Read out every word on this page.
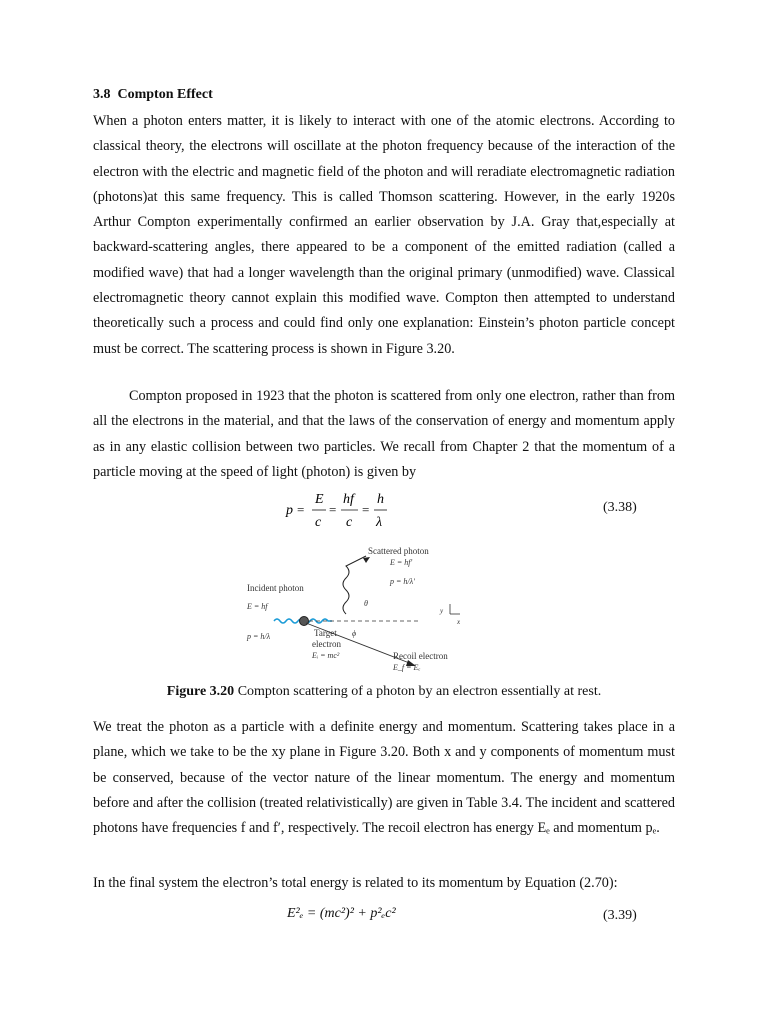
3.8 Compton Effect

When a photon enters matter, it is likely to interact with one of the atomic electrons. According to classical theory, the electrons will oscillate at the photon frequency because of the interaction of the electron with the electric and magnetic field of the photon and will reradiate electromagnetic radiation (photons)at this same frequency. This is called Thomson scattering. However, in the early 1920s Arthur Compton experimentally confirmed an earlier observation by J.A. Gray that,especially at backward-scattering angles, there appeared to be a component of the emitted radiation (called a modified wave) that had a longer wavelength than the original primary (unmodified) wave. Classical electromagnetic theory cannot explain this modified wave. Compton then attempted to understand theoretically such a process and could find only one explanation: Einstein’s photon particle concept must be correct. The scattering process is shown in Figure 3.20.

Compton proposed in 1923 that the photon is scattered from only one electron, rather than from all the electrons in the material, and that the laws of the conservation of energy and momentum apply as in any elastic collision between two particles. We recall from Chapter 2 that the momentum of a particle moving at the speed of light (photon) is given by

p =
E
c
=
hf
c
=
h
λ
(3.38)
Scattered photon
E = hf′
p = h/λ′
Incident photon
E = hf
p = h/λ
θ
ϕ
Target
electron
Eᵢ = mc²	Recoil electron
E_f = Eₑ
y
x
Figure 3.20 Compton scattering of a photon by an electron essentially at rest.

We treat the photon as a particle with a definite energy and momentum. Scattering takes place in a plane, which we take to be the xy plane in Figure 3.20. Both x and y components of momentum must be conserved, because of the vector nature of the linear momentum. The energy and momentum before and after the collision (treated relativistically) are given in Table 3.4. The incident and scattered photons have frequencies f and f′, respectively. The recoil electron has energy Eₑ and momentum pₑ.

In the final system the electron’s total energy is related to its momentum by Equation (2.70):

E²ₑ = (mc²)² + p²ₑc²	(3.39)
